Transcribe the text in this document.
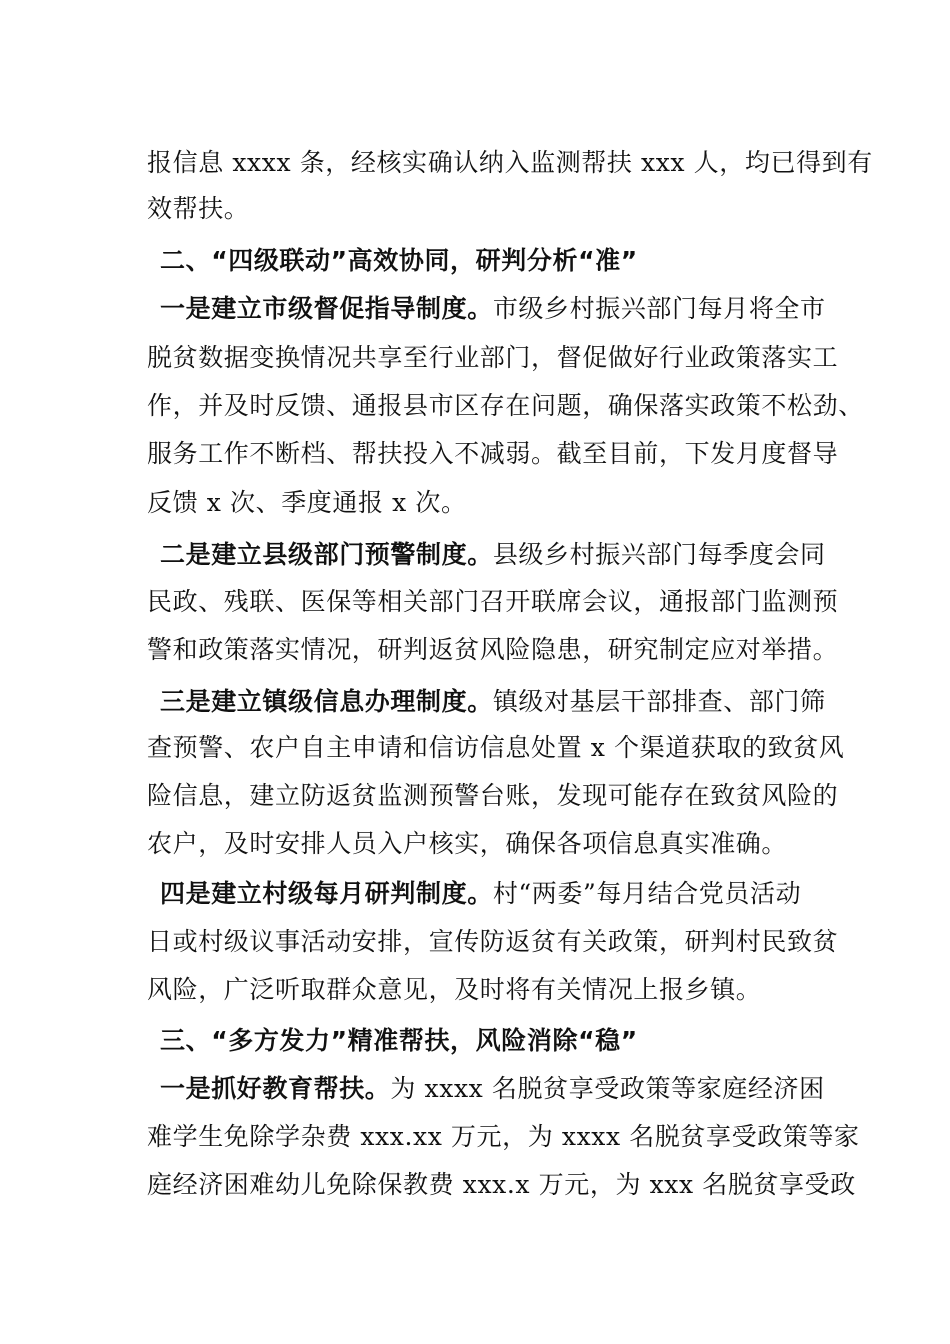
报信息 xxxx 条，经核实确认纳入监测帮扶 xxx 人，均已得到有
效帮扶。
二、“四级联动”高效协同，研判分析“准”
一是建立市级督促指导制度。市级乡村振兴部门每月将全市
脱贫数据变换情况共享至行业部门，督促做好行业政策落实工
作，并及时反馈、通报县市区存在问题，确保落实政策不松劲、
服务工作不断档、帮扶投入不减弱。截至目前，下发月度督导
反馈 x 次、季度通报 x 次。
二是建立县级部门预警制度。县级乡村振兴部门每季度会同
民政、残联、医保等相关部门召开联席会议，通报部门监测预
警和政策落实情况，研判返贫风险隐患，研究制定应对举措。
三是建立镇级信息办理制度。镇级对基层干部排查、部门筛
查预警、农户自主申请和信访信息处置 x 个渠道获取的致贫风
险信息，建立防返贫监测预警台账，发现可能存在致贫风险的
农户，及时安排人员入户核实，确保各项信息真实准确。
四是建立村级每月研判制度。村“两委”每月结合党员活动
日或村级议事活动安排，宣传防返贫有关政策，研判村民致贫
风险，广泛听取群众意见，及时将有关情况上报乡镇。
三、“多方发力”精准帮扶，风险消除“稳”
一是抓好教育帮扶。为 xxxx 名脱贫享受政策等家庭经济困
难学生免除学杂费 xxx.xx 万元，为 xxxx 名脱贫享受政策等家
庭经济困难幼儿免除保教费 xxx.x 万元，为 xxx 名脱贫享受政
